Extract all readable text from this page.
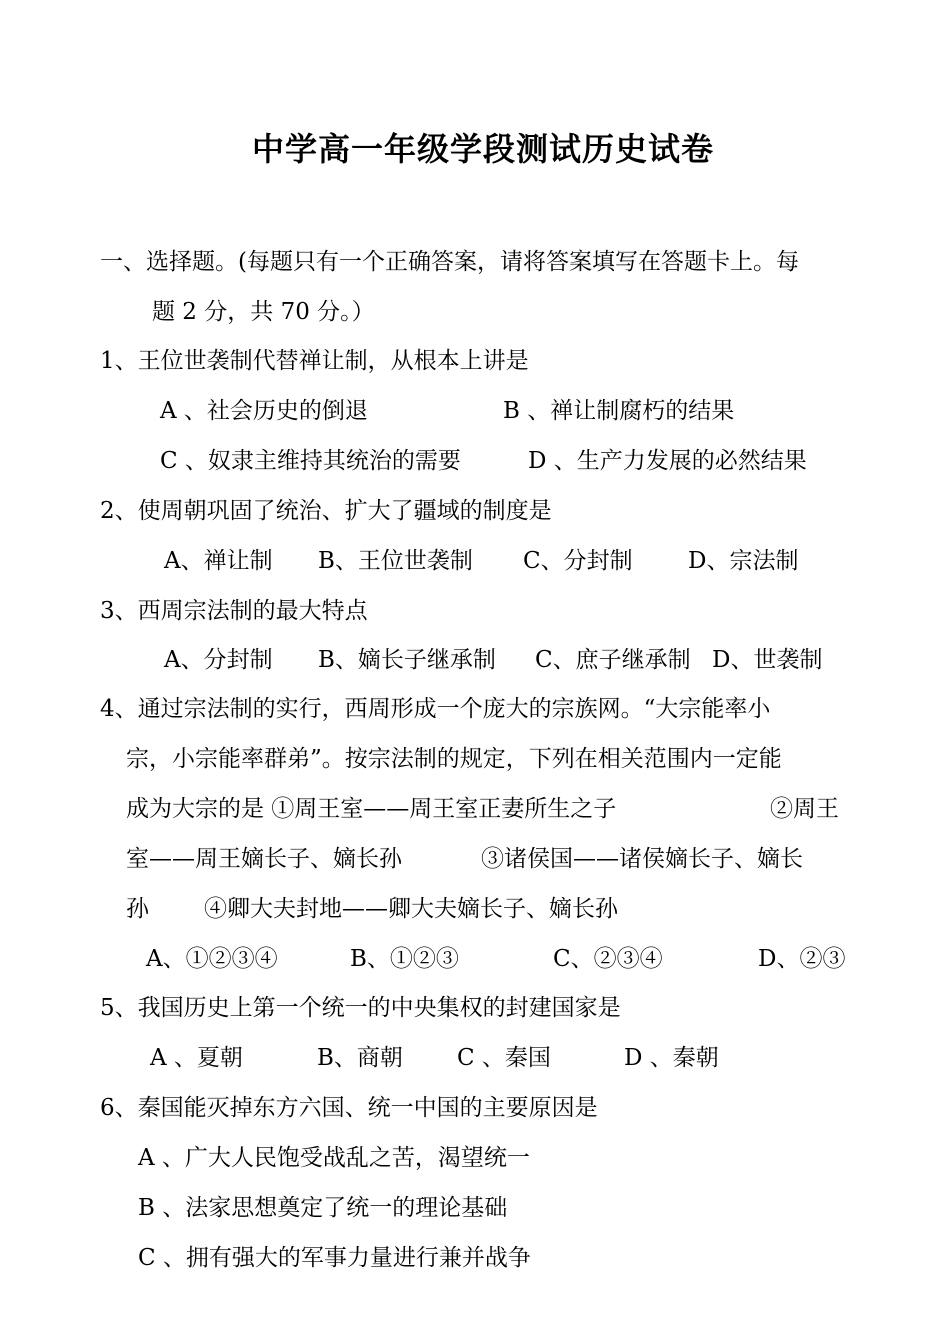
中学高一年级学段测试历史试卷
一、选择题。(每题只有一个正确答案，请将答案填写在答题卡上。每
题 2 分，共 70 分。）
1、王位世袭制代替禅让制，从根本上讲是
A 、社会历史的倒退	B 、禅让制腐朽的结果
C 、奴隶主维持其统治的需要	D 、生产力发展的必然结果
2、使周朝巩固了统治、扩大了疆域的制度是
A、禅让制 B、王位世袭制 C、分封制 D、宗法制
3、西周宗法制的最大特点
A、分封制 B、嫡长子继承制 C、庶子继承制 D、世袭制
4、通过宗法制的实行，西周形成一个庞大的宗族网。“大宗能率小
宗，小宗能率群弟”。按宗法制的规定，下列在相关范围内一定能
成为大宗的是 ①周王室——周王室正妻所生之子	②周王
室——周王嫡长子、嫡长孙	③诸侯国——诸侯嫡长子、嫡长
孙 ④卿大夫封地——卿大夫嫡长子、嫡长孙
A、①②③④	B、①②③	C、②③④	D、②③
5、我国历史上第一个统一的中央集权的封建国家是
A 、夏朝	B、商朝 C 、秦国	D 、秦朝
6、秦国能灭掉东方六国、统一中国的主要原因是
A 、广大人民饱受战乱之苦，渴望统一
B 、法家思想奠定了统一的理论基础
C 、拥有强大的军事力量进行兼并战争
